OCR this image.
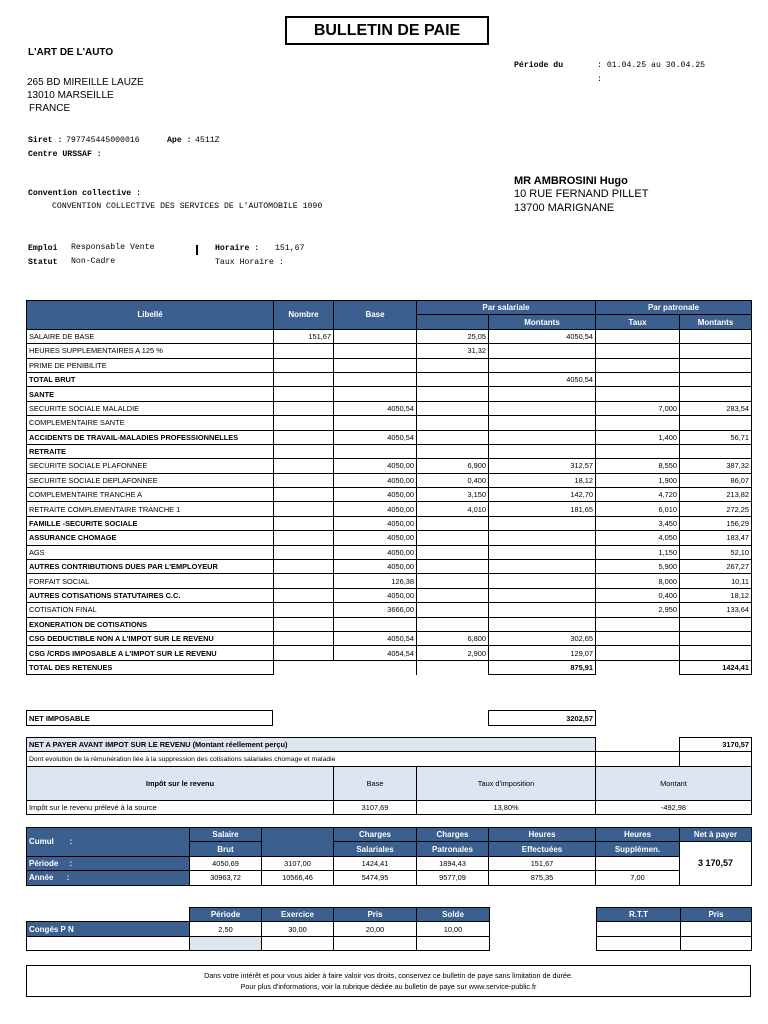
BULLETIN DE PAIE
L'ART DE L'AUTO
265 BD MIREILLE LAUZE
13010 MARSEILLE
FRANCE
Période du	: 01.04.25 au 30.04.25
:
Siret : 797745445000016	Ape : 4511Z
Centre URSSAF :
Convention collective :
CONVENTION COLLECTIVE DES SERVICES DE L'AUTOMOBILE 1090
MR AMBROSINI Hugo
10 RUE FERNAND PILLET
13700 MARIGNANE
Emploi Responsable Vente	Horaire : 151,67
Statut Non-Cadre	Taux Horaire :
Libellé	Nombre	Base	Par salariale		Par patronale	
				Montants	Taux	Montants
SALAIRE DE BASE	151,67		25,05	4050,54		
HEURES SUPPLEMENTAIRES A 125 %			31,32			
PRIME DE PENIBILITE						
TOTAL BRUT				4050,54		
SANTE						
SECURITE SOCIALE MALALDIE		4050,54			7,000	283,54
COMPLEMENTAIRE SANTE						
ACCIDENTS DE TRAVAIL-MALADIES PROFESSIONNELLES		4050,54			1,400	56,71
RETRAITE						
SECURITE SOCIALE PLAFONNEE		4050,00	6,900	312,57	8,550	387,32
SECURITE SOCIALE DEPLAFONNEE		4050,00	0,400	18,12	1,900	86,07
COMPLEMENTAIRE TRANCHE A		4050,00	3,150	142,70	4,720	213,82
RETRAITE COMPLEMENTAIRE TRANCHE 1		4050,00	4,010	181,65	6,010	272,25
FAMILLE -SECURITE SOCIALE		4050,00			3,450	156,29
ASSURANCE CHOMAGE		4050,00			4,050	183,47
AGS		4050,00			1,150	52,10
AUTRES CONTRIBUTIONS DUES PAR L'EMPLOYEUR		4050,00			5,900	267,27
FORFAIT SOCIAL		126,38			8,000	10,11
AUTRES COTISATIONS STATUTAIRES C.C.		4050,00			0,400	18,12
COTISATION FINAL		3666,00			2,950	133,64
EXONERATION DE COTISATIONS						
CSG DEDUCTIBLE NON A L'IMPOT SUR LE REVENU		4050,54	6,800	302,65		
CSG /CRDS IMPOSABLE A L'IMPOT SUR LE REVENU		4054,54	2,900	129,07		
TOTAL DES RETENUES				875,91		1424,41
NET IMPOSABLE	3202,57
NET A PAYER AVANT IMPOT SUR LE REVENU (Montant réellement perçu)				3170,57
Dont evolution de la rémunération liée à la suppression des cotisations salariales chomage et maladie				
Impôt sur le revenu	Base	Taux d'imposition	Montant	
Impôt sur le revenu prélevé à la source	3107,69	13,80%	-492,98	
Cumul :	Salaire		Charges	Charges	Heures	Heures	Net à payer
	Brut		Salariales	Patronales	Effectuées	Supplémen.	3 170,57
Période :	4050,69	3107,00	1424,41	1894,43	151,67		
Année :	30963,72	10566,46	5474,95	9577,09	875,35	7,00	
	Période	Exercice	Pris	Solde
Congés P N	2,50	30,00	20,00	10,00

R.T.T	Pris

Dans votre intérêt et pour vous aider à faire valoir vos droits, conservez ce bulletin de paye sans limitation de durée.
Pour plus d'informations, voir la rubrique dédiée au bulletin de paye sur www.service-public.fr
